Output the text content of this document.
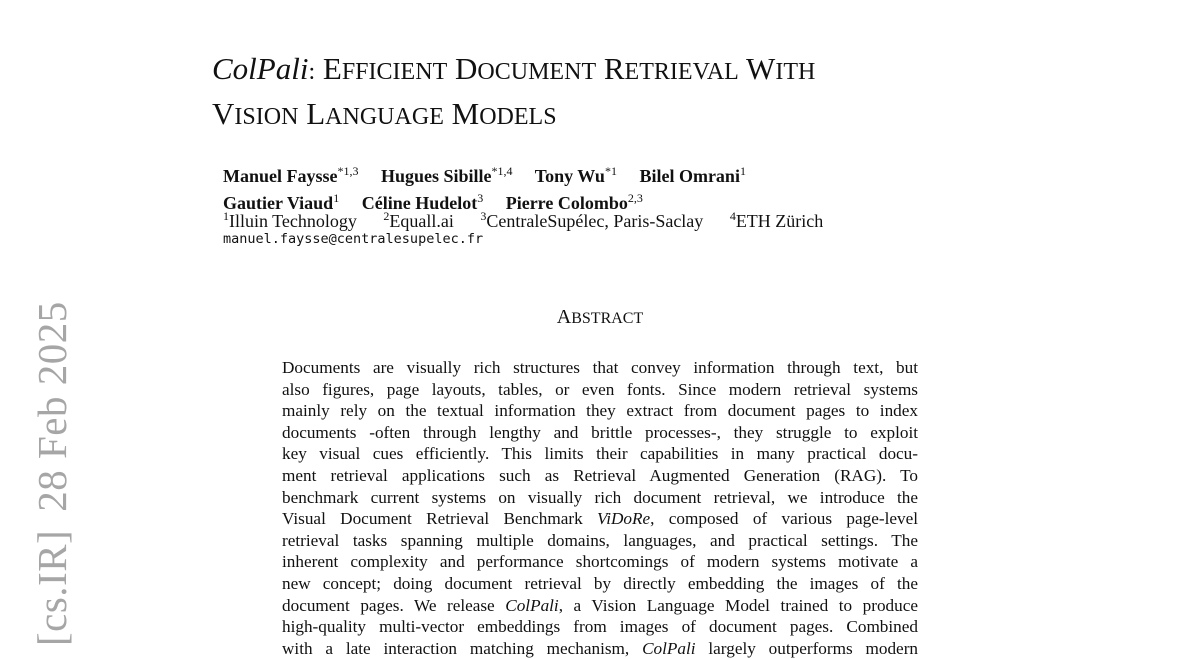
[cs.IR]28 Feb 2025
ColPali: EFFICIENT DOCUMENT RETRIEVAL WITH
VISION LANGUAGE MODELS
Manuel Faysse$^{*1,3}$ Hugues Sibille$^{*1,4}$ Tony Wu$^{*1}$ Bilel Omrani$^1$
Gautier Viaud$^1$ Céline Hudelot$^3$ Pierre Colombo$^{2,3}$
$^1$Illuin Technology $^2$Equall.ai $^3$CentraleSupélec, Paris-Saclay $^4$ETH Zürich
manuel.faysse@centralesupelec.fr
ABSTRACT
Documents are visually rich structures that convey information through text, but
also figures, page layouts, tables, or even fonts. Since modern retrieval systems
mainly rely on the textual information they extract from document pages to index
documents -often through lengthy and brittle processes-, they struggle to exploit
key visual cues efficiently. This limits their capabilities in many practical docu-
ment retrieval applications such as Retrieval Augmented Generation (RAG). To
benchmark current systems on visually rich document retrieval, we introduce the
Visual Document Retrieval Benchmark ViDoRe, composed of various page-level
retrieval tasks spanning multiple domains, languages, and practical settings. The
inherent complexity and performance shortcomings of modern systems motivate a
new concept; doing document retrieval by directly embedding the images of the
document pages. We release ColPali, a Vision Language Model trained to produce
high-quality multi-vector embeddings from images of document pages. Combined
with a late interaction matching mechanism, ColPali largely outperforms modern
